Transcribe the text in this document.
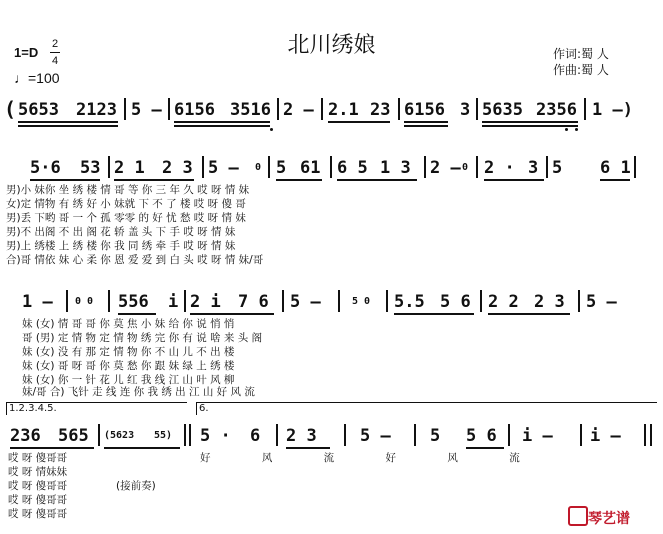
北川绣娘	作词:蜀 人
作曲:蜀 人
1=D
2
4
♩=100
( 5653 2123 5 – 6156 3516 2 – 2.1 23 6156 3 5635 2356 1 –)
5·6 53 2 1 2 3 5 – 0 5 61 6 5 1 3 2 – 0 2 · 3 5 6 1
男)小 妹你 坐 绣 楼 情 哥 等 你 三 年 久 哎 呀 情 妹
女)定 情物 有 绣 好 小 妹就 下 不 了 楼 哎 呀 傻 哥
男)丢 下哟 哥 一 个 孤 零零 的 好 忧 愁 哎 呀 情 妹
男)不 出阁 不 出 阁 花 轿 盖 头 下 手 哎 呀 情 妹
男)上 绣楼 上 绣 楼 你 我 同 绣 牵 手 哎 呀 情 妹
合)哥 情依 妹 心 柔 你 恩 爱 爱 到 白 头 哎 呀 情 妹/哥
1 – 0 0 556 i 2 i 7 6 5 –	5 0 5.5 5 6 2 2 2 3 5 –
妹 (女) 情 哥 哥 你 莫 焦 小 妹 给 你 说 悄 悄
哥 (男) 定 情 物 定 情 物 绣 完 你 有 说 啥 来 头 阁
妹 (女) 没 有 那 定 情 物 你 不 山 儿 不 出 楼
妹 (女) 哥 呀 哥 你 莫 愁 你 跟 妹 绿 上 绣 楼
妹 (女) 你 一 针 花 儿 红 我 线 江 山 叶 风 柳
妹/哥 合) 飞针 走 线 连 你 我 绣 出 江 山 好 风 流
1.2.3.4.5.	6.
236 565 (5623 55) 5 · 6 2 3	5 – 5 5 6 i – i –
哎 呀 傻哥哥
哎 呀 情妹妹
哎 呀 傻哥哥
哎 呀 傻哥哥
哎 呀 傻哥哥
(接前奏)
好 风 流 好 风 流
琴艺谱
